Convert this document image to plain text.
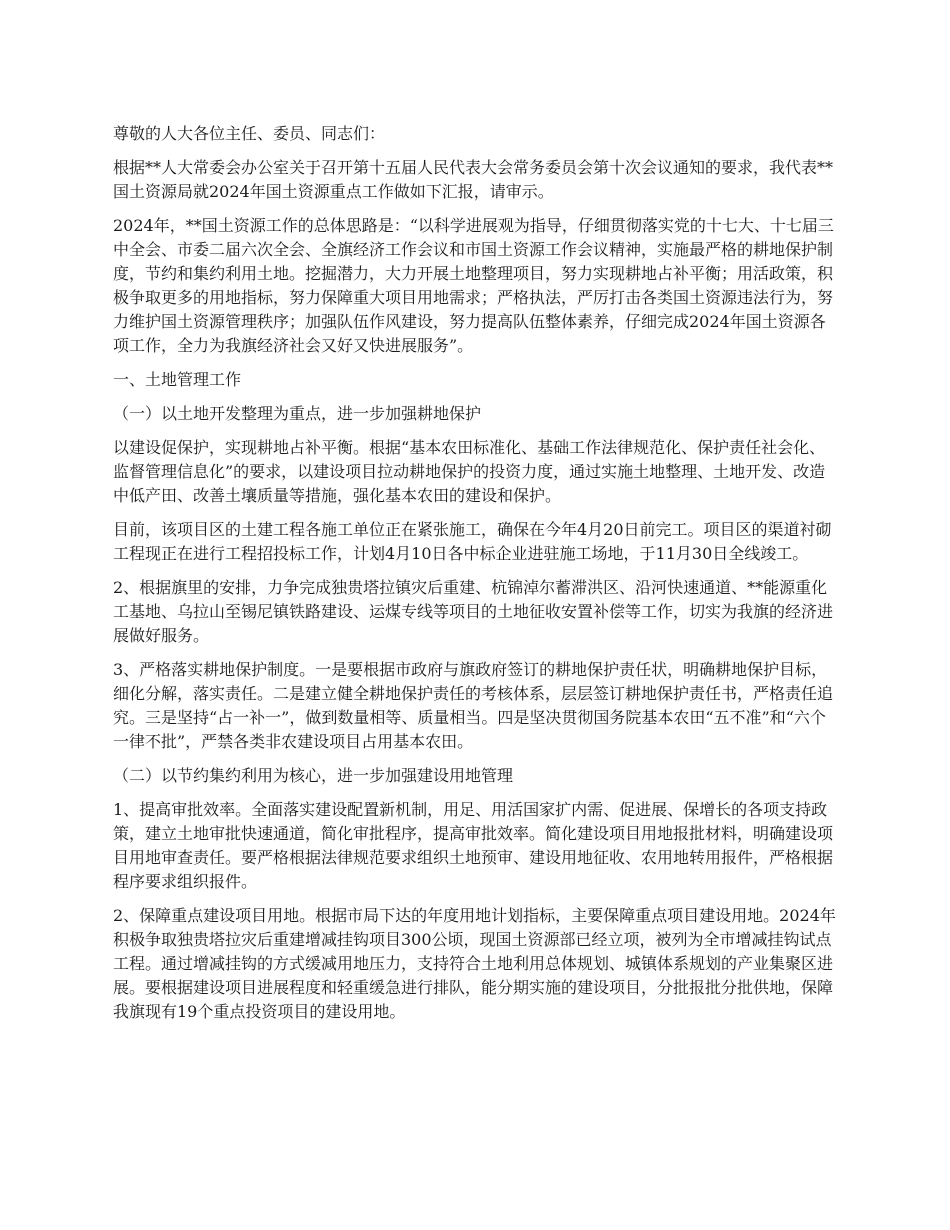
尊敬的人大各位主任、委员、同志们：

根据**人大常委会办公室关于召开第十五届人民代表大会常务委员会第十次会议通知的要求，我代表**国土资源局就2024年国土资源重点工作做如下汇报，请审示。

2024年，**国土资源工作的总体思路是：“以科学进展观为指导，仔细贯彻落实党的十七大、十七届三中全会、市委二届六次全会、全旗经济工作会议和市国土资源工作会议精神，实施最严格的耕地保护制度，节约和集约利用土地。挖掘潜力，大力开展土地整理项目，努力实现耕地占补平衡；用活政策，积极争取更多的用地指标，努力保障重大项目用地需求；严格执法，严厉打击各类国土资源违法行为，努力维护国土资源管理秩序；加强队伍作风建设，努力提高队伍整体素养，仔细完成2024年国土资源各项工作，全力为我旗经济社会又好又快进展服务”。

一、土地管理工作

（一）以土地开发整理为重点，进一步加强耕地保护

以建设促保护，实现耕地占补平衡。根据“基本农田标准化、基础工作法律规范化、保护责任社会化、监督管理信息化”的要求，以建设项目拉动耕地保护的投资力度，通过实施土地整理、土地开发、改造中低产田、改善土壤质量等措施，强化基本农田的建设和保护。

目前，该项目区的土建工程各施工单位正在紧张施工，确保在今年4月20日前完工。项目区的渠道衬砌工程现正在进行工程招投标工作，计划4月10日各中标企业进驻施工场地，于11月30日全线竣工。

2、根据旗里的安排，力争完成独贵塔拉镇灾后重建、杭锦淖尔蓄滞洪区、沿河快速通道、**能源重化工基地、乌拉山至锡尼镇铁路建设、运煤专线等项目的土地征收安置补偿等工作，切实为我旗的经济进展做好服务。

3、严格落实耕地保护制度。一是要根据市政府与旗政府签订的耕地保护责任状，明确耕地保护目标，细化分解，落实责任。二是建立健全耕地保护责任的考核体系，层层签订耕地保护责任书，严格责任追究。三是坚持“占一补一”，做到数量相等、质量相当。四是坚决贯彻国务院基本农田“五不准”和“六个一律不批”，严禁各类非农建设项目占用基本农田。

（二）以节约集约利用为核心，进一步加强建设用地管理

1、提高审批效率。全面落实建设配置新机制，用足、用活国家扩内需、促进展、保增长的各项支持政策，建立土地审批快速通道，简化审批程序，提高审批效率。简化建设项目用地报批材料，明确建设项目用地审查责任。要严格根据法律规范要求组织土地预审、建设用地征收、农用地转用报件，严格根据程序要求组织报件。

2、保障重点建设项目用地。根据市局下达的年度用地计划指标，主要保障重点项目建设用地。2024年积极争取独贵塔拉灾后重建增减挂钩项目300公顷，现国土资源部已经立项，被列为全市增减挂钩试点工程。通过增减挂钩的方式缓减用地压力，支持符合土地利用总体规划、城镇体系规划的产业集聚区进展。要根据建设项目进展程度和轻重缓急进行排队，能分期实施的建设项目，分批报批分批供地，保障我旗现有19个重点投资项目的建设用地。
